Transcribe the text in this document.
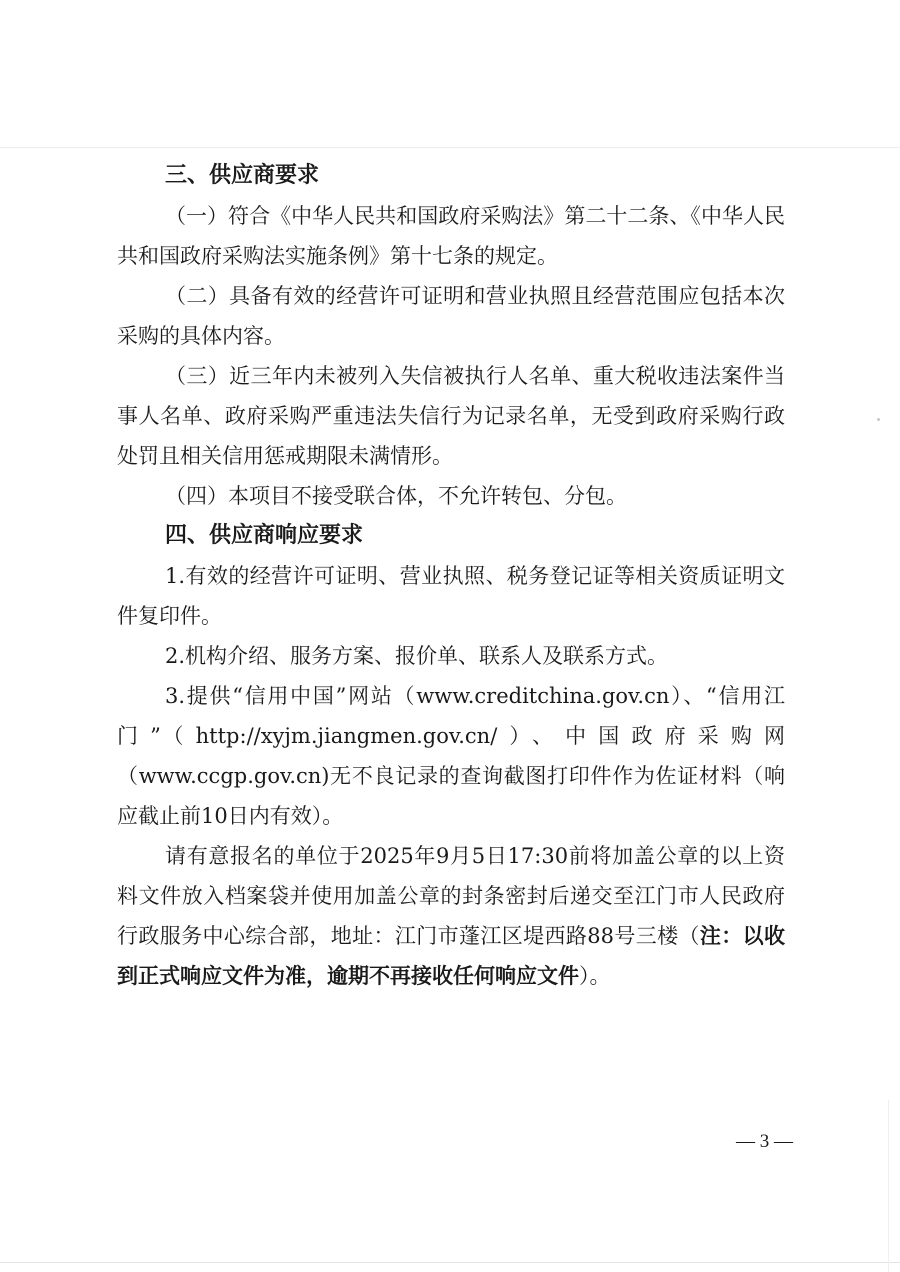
三、供应商要求

（一）符合《中华人民共和国政府采购法》第二十二条、《中华人民共和国政府采购法实施条例》第十七条的规定。

（二）具备有效的经营许可证明和营业执照且经营范围应包括本次采购的具体内容。

（三）近三年内未被列入失信被执行人名单、重大税收违法案件当事人名单、政府采购严重违法失信行为记录名单，无受到政府采购行政处罚且相关信用惩戒期限未满情形。

（四）本项目不接受联合体，不允许转包、分包。

四、供应商响应要求

1.有效的经营许可证明、营业执照、税务登记证等相关资质证明文件复印件。

2.机构介绍、服务方案、报价单、联系人及联系方式。

3.提供“信用中国”网站（www.creditchina.gov.cn）、“信用江门”（http://xyjm.jiangmen.gov.cn/）、中国政府采购网（www.ccgp.gov.cn)无不良记录的查询截图打印件作为佐证材料（响应截止前10日内有效）。

请有意报名的单位于2025年9月5日17:30前将加盖公章的以上资料文件放入档案袋并使用加盖公章的封条密封后递交至江门市人民政府行政服务中心综合部，地址：江门市蓬江区堤西路88号三楼（注：以收到正式响应文件为准，逾期不再接收任何响应文件）。

— 3 —
